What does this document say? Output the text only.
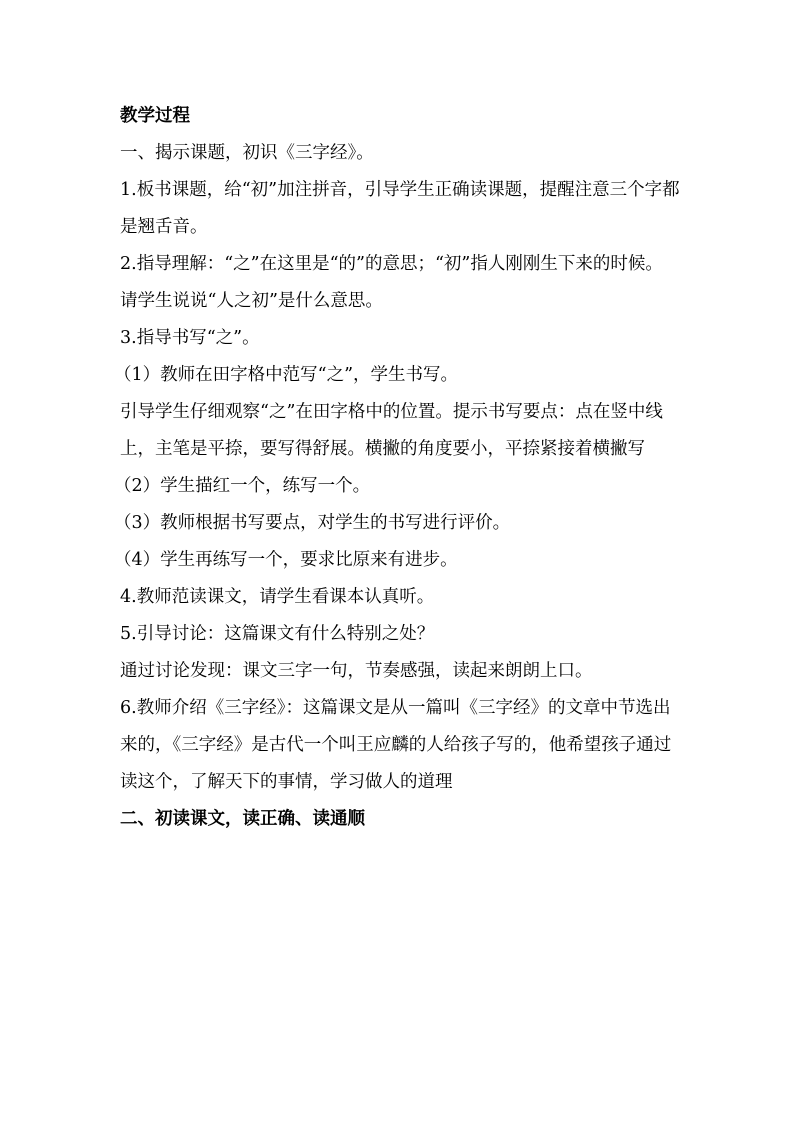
教学过程

一、揭示课题，初识《三字经》。

1.板书课题，给“初”加注拼音，引导学生正确读课题，提醒注意三个字都是翘舌音。

2.指导理解：“之”在这里是“的”的意思；“初”指人刚刚生下来的时候。

请学生说说“人之初”是什么意思。

3.指导书写“之”。

（1）教师在田字格中范写“之”，学生书写。

引导学生仔细观察“之”在田字格中的位置。提示书写要点：点在竖中线上，主笔是平捺，要写得舒展。横撇的角度要小，平捺紧接着横撇写

（2）学生描红一个，练写一个。

（3）教师根据书写要点，对学生的书写进行评价。

（4）学生再练写一个，要求比原来有进步。

4.教师范读课文，请学生看课本认真听。

5.引导讨论：这篇课文有什么特别之处？

通过讨论发现：课文三字一句，节奏感强，读起来朗朗上口。

6.教师介绍《三字经》：这篇课文是从一篇叫《三字经》的文章中节选出来的，《三字经》是古代一个叫王应麟的人给孩子写的，他希望孩子通过读这个，了解天下的事情，学习做人的道理

二、初读课文，读正确、读通顺
